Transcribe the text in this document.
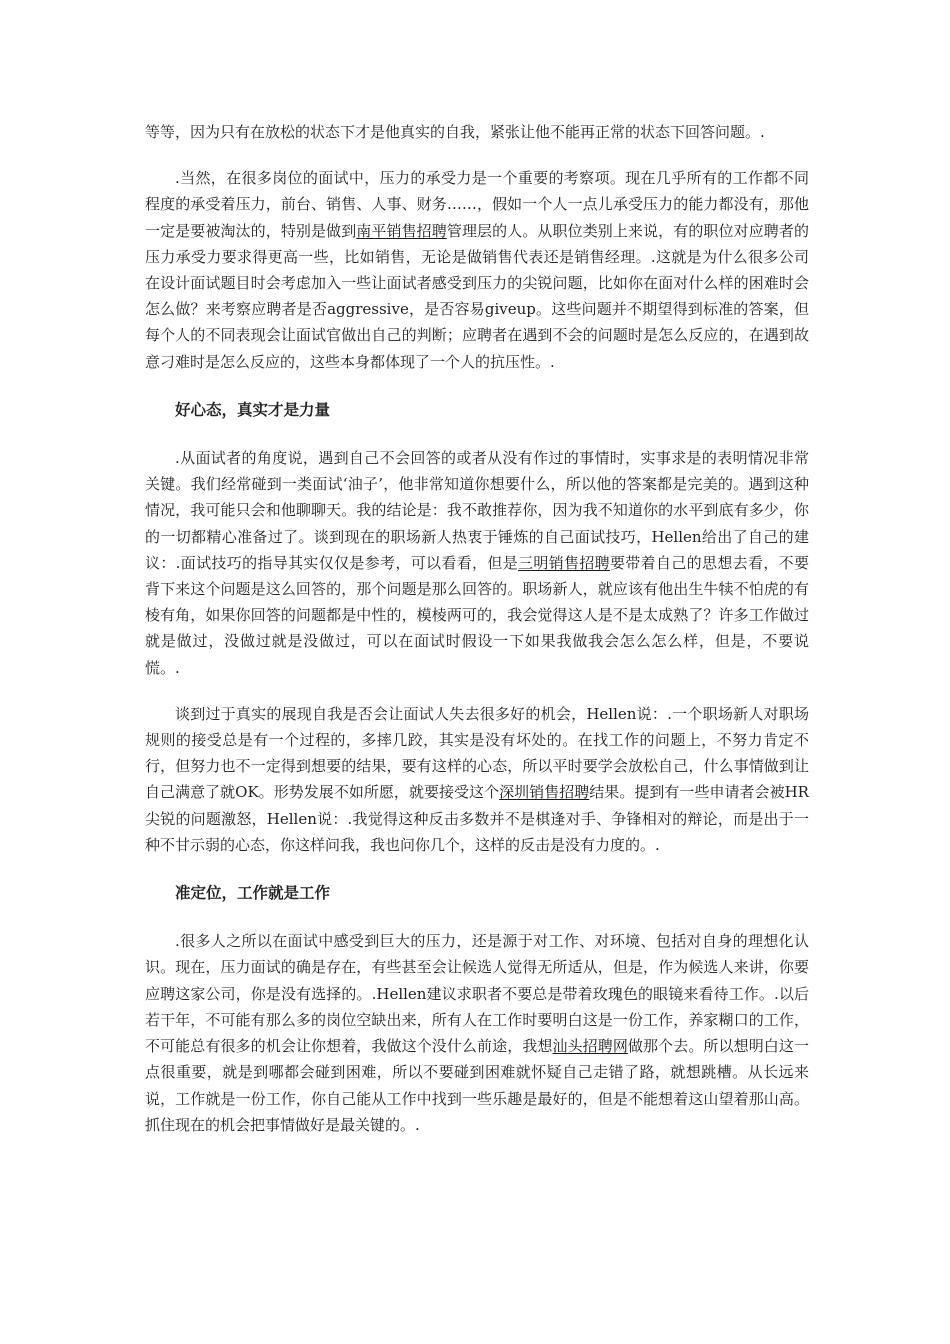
等等，因为只有在放松的状态下才是他真实的自我，紧张让他不能再正常的状态下回答问题。.

.当然，在很多岗位的面试中，压力的承受力是一个重要的考察项。现在几乎所有的工作都不同程度的承受着压力，前台、销售、人事、财务……，假如一个人一点儿承受压力的能力都没有，那他一定是要被淘汰的，特别是做到南平销售招聘管理层的人。从职位类别上来说，有的职位对应聘者的压力承受力要求得更高一些，比如销售，无论是做销售代表还是销售经理。.这就是为什么很多公司在设计面试题目时会考虑加入一些让面试者感受到压力的尖锐问题，比如你在面对什么样的困难时会怎么做？来考察应聘者是否aggressive，是否容易giveup。这些问题并不期望得到标准的答案，但每个人的不同表现会让面试官做出自己的判断；应聘者在遇到不会的问题时是怎么反应的，在遇到故意刁难时是怎么反应的，这些本身都体现了一个人的抗压性。.

好心态，真实才是力量

.从面试者的角度说，遇到自己不会回答的或者从没有作过的事情时，实事求是的表明情况非常关键。我们经常碰到一类面试‘油子’，他非常知道你想要什么，所以他的答案都是完美的。遇到这种情况，我可能只会和他聊聊天。我的结论是：我不敢推荐你，因为我不知道你的水平到底有多少，你的一切都精心准备过了。谈到现在的职场新人热衷于锤炼的自己面试技巧，Hellen给出了自己的建议：.面试技巧的指导其实仅仅是参考，可以看看，但是三明销售招聘要带着自己的思想去看，不要背下来这个问题是这么回答的，那个问题是那么回答的。职场新人，就应该有他出生牛犊不怕虎的有棱有角，如果你回答的问题都是中性的，模棱两可的，我会觉得这人是不是太成熟了？许多工作做过就是做过，没做过就是没做过，可以在面试时假设一下如果我做我会怎么怎么样，但是，不要说慌。.

谈到过于真实的展现自我是否会让面试人失去很多好的机会，Hellen说：.一个职场新人对职场规则的接受总是有一个过程的，多摔几跤，其实是没有坏处的。在找工作的问题上，不努力肯定不行，但努力也不一定得到想要的结果，要有这样的心态，所以平时要学会放松自己，什么事情做到让自己满意了就OK。形势发展不如所愿，就要接受这个深圳销售招聘结果。提到有一些申请者会被HR尖锐的问题激怒，Hellen说：.我觉得这种反击多数并不是棋逢对手、争锋相对的辩论，而是出于一种不甘示弱的心态，你这样问我，我也问你几个，这样的反击是没有力度的。.

准定位，工作就是工作

.很多人之所以在面试中感受到巨大的压力，还是源于对工作、对环境、包括对自身的理想化认识。现在，压力面试的确是存在，有些甚至会让候选人觉得无所适从，但是，作为候选人来讲，你要应聘这家公司，你是没有选择的。.Hellen建议求职者不要总是带着玫瑰色的眼镜来看待工作。.以后若干年，不可能有那么多的岗位空缺出来，所有人在工作时要明白这是一份工作，养家糊口的工作，不可能总有很多的机会让你想着，我做这个没什么前途，我想汕头招聘网做那个去。所以想明白这一点很重要，就是到哪都会碰到困难，所以不要碰到困难就怀疑自己走错了路，就想跳槽。从长远来说，工作就是一份工作，你自己能从工作中找到一些乐趣是最好的，但是不能想着这山望着那山高。抓住现在的机会把事情做好是最关键的。.
